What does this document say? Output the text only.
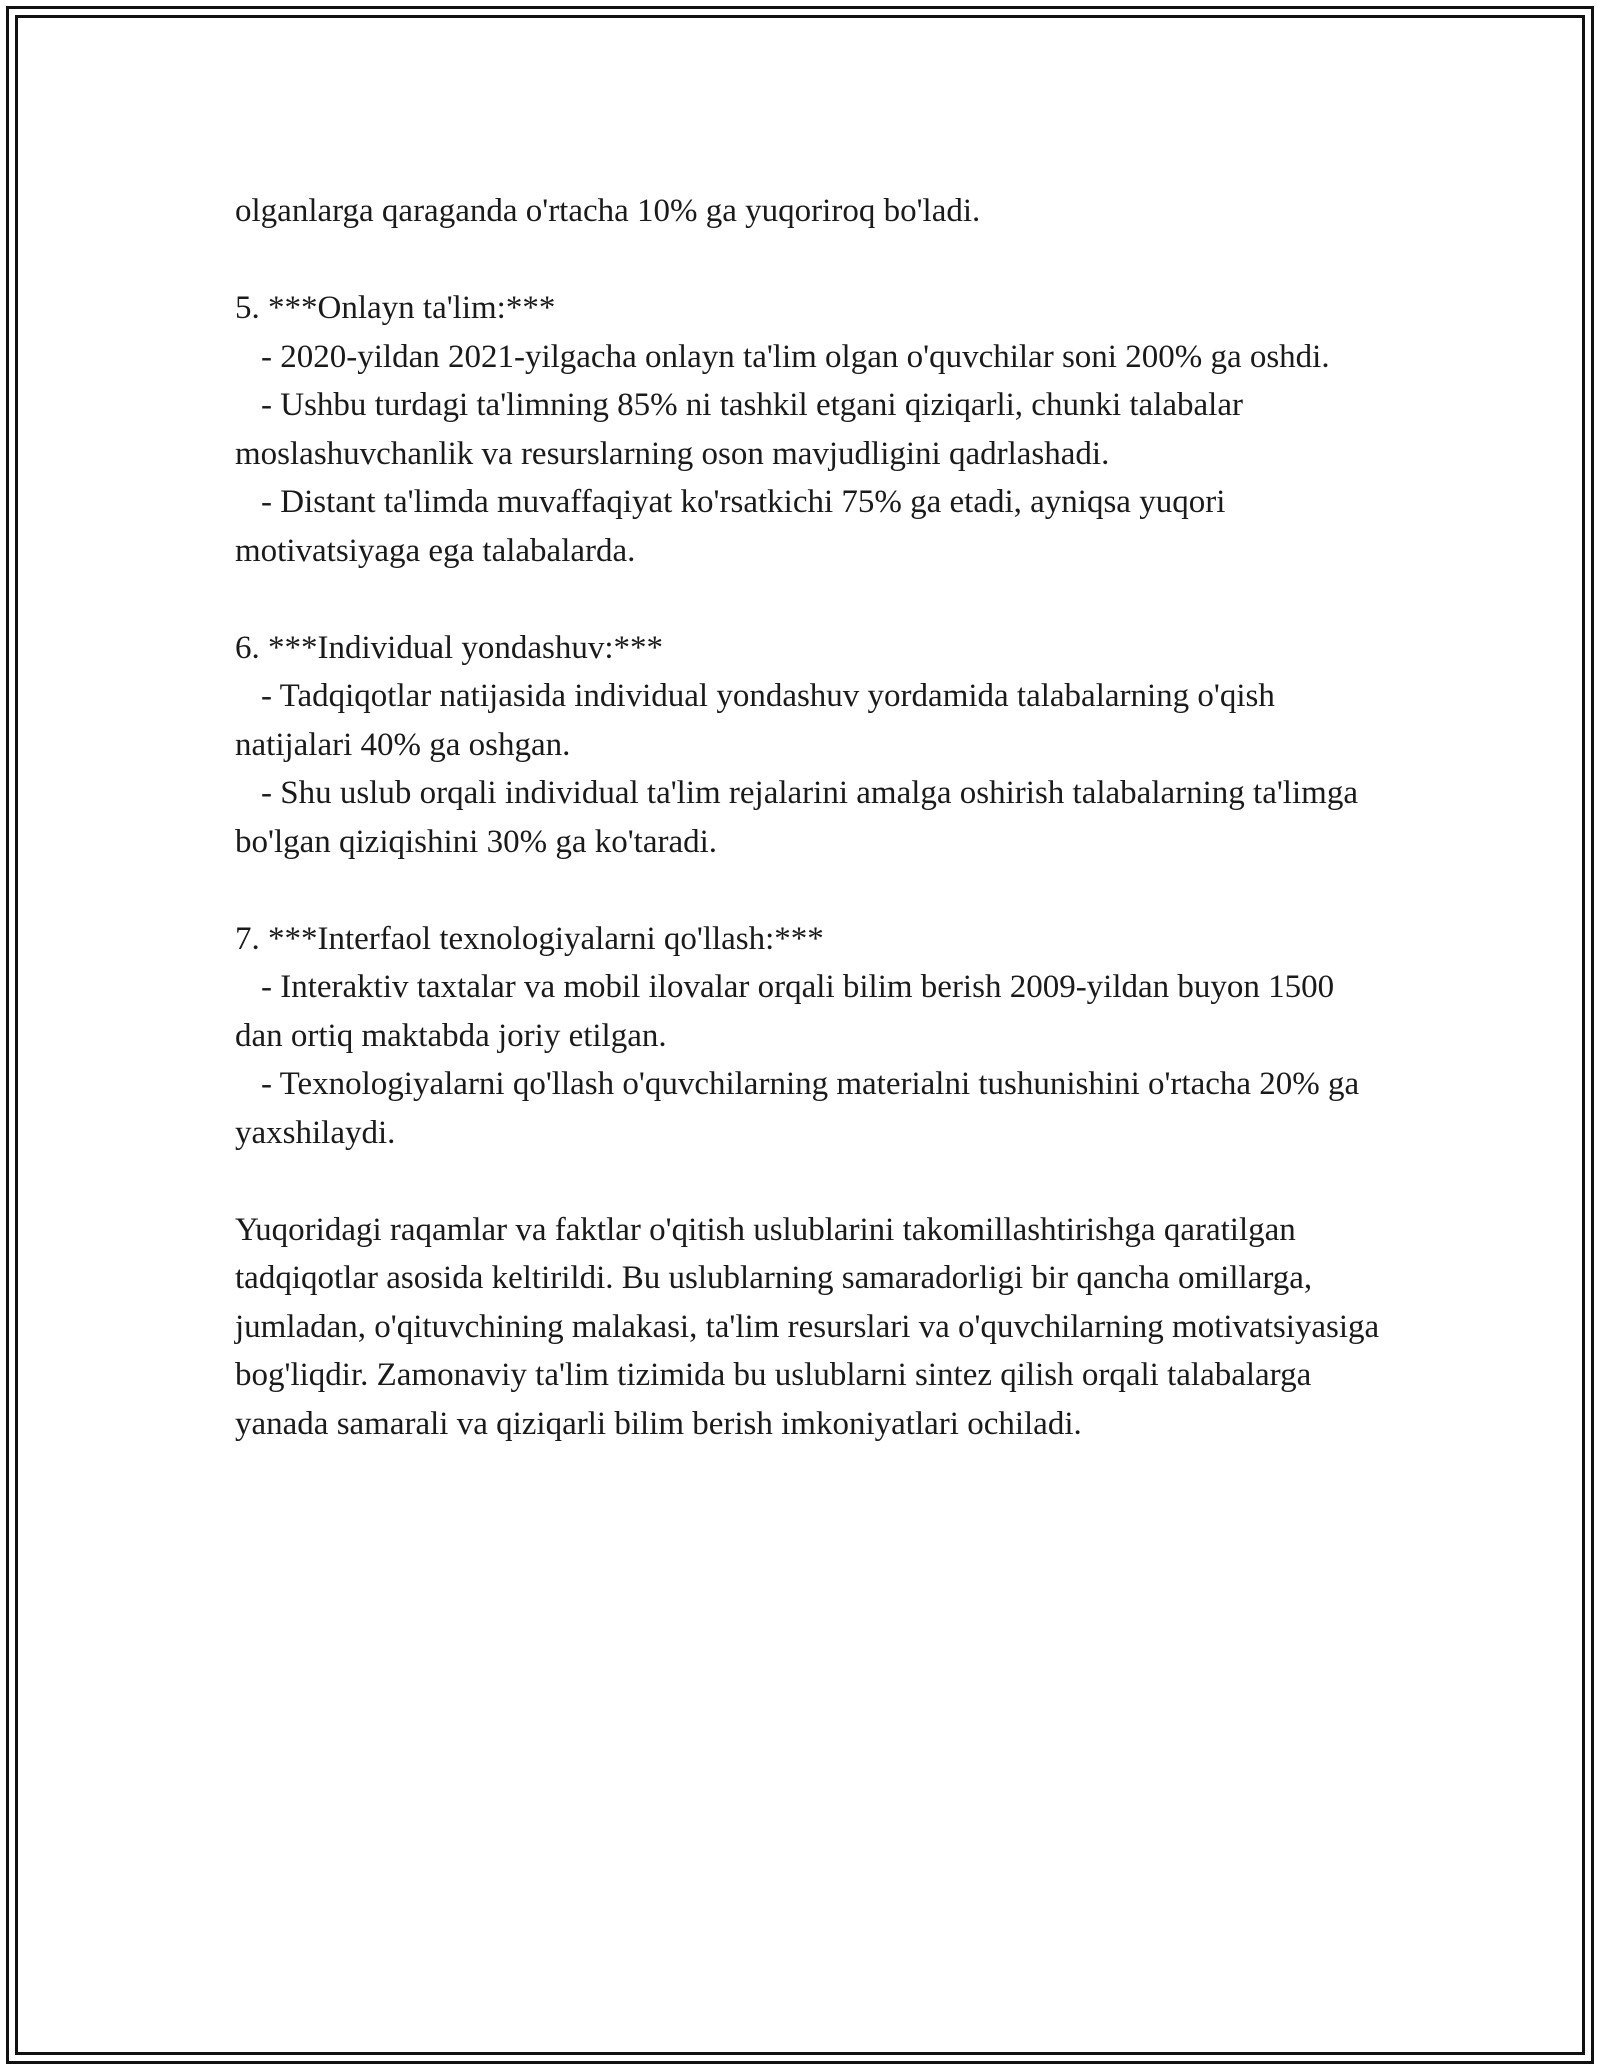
olganlarga qaraganda o'rtacha 10% ga yuqoriroq bo'ladi.

5. ***Onlayn ta'lim:***

- 2020-yildan 2021-yilgacha onlayn ta'lim olgan o'quvchilar soni 200% ga oshdi.

- Ushbu turdagi ta'limning 85% ni tashkil etgani qiziqarli, chunki talabalar moslashuvchanlik va resurslarning oson mavjudligini qadrlashadi.

- Distant ta'limda muvaffaqiyat ko'rsatkichi 75% ga etadi, ayniqsa yuqori motivatsiyaga ega talabalarda.

6. ***Individual yondashuv:***

- Tadqiqotlar natijasida individual yondashuv yordamida talabalarning o'qish natijalari 40% ga oshgan.

- Shu uslub orqali individual ta'lim rejalarini amalga oshirish talabalarning ta'limga bo'lgan qiziqishini 30% ga ko'taradi.

7. ***Interfaol texnologiyalarni qo'llash:***

- Interaktiv taxtalar va mobil ilovalar orqali bilim berish 2009-yildan buyon 1500 dan ortiq maktabda joriy etilgan.

- Texnologiyalarni qo'llash o'quvchilarning materialni tushunishini o'rtacha 20% ga yaxshilaydi.

Yuqoridagi raqamlar va faktlar o'qitish uslublarini takomillashtirishga qaratilgan tadqiqotlar asosida keltirildi. Bu uslublarning samaradorligi bir qancha omillarga, jumladan, o'qituvchining malakasi, ta'lim resurslari va o'quvchilarning motivatsiyasiga bog'liqdir. Zamonaviy ta'lim tizimida bu uslublarni sintez qilish orqali talabalarga yanada samarali va qiziqarli bilim berish imkoniyatlari ochiladi.
